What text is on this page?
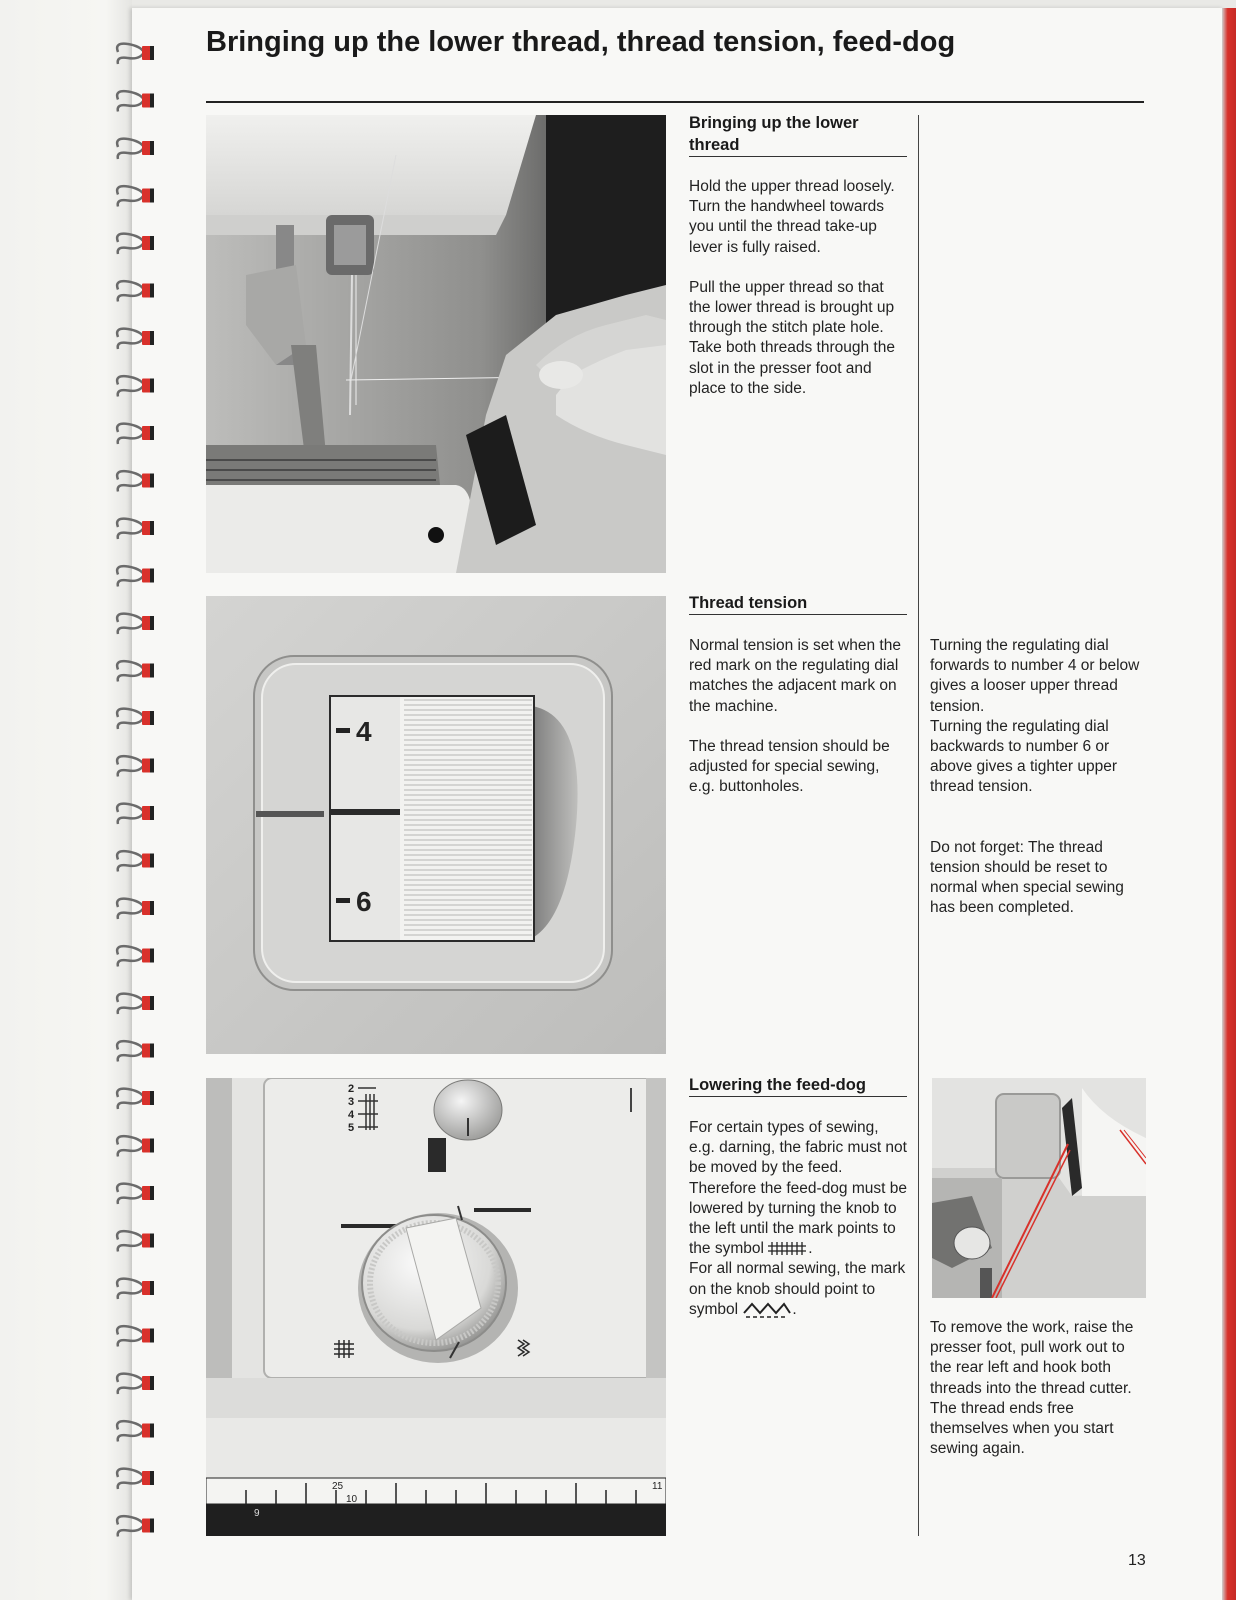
Bringing up the lower thread, thread tension, feed-dog
4
6
2
3
4
5
9
25
10
11
Bringing up the lower thread

Hold the upper thread loosely. Turn the handwheel towards you until the thread take-up lever is fully raised.

Pull the upper thread so that the lower thread is brought up through the stitch plate hole.
Take both threads through the slot in the presser foot and place to the side.

Thread tension

Normal tension is set when the red mark on the regulating dial matches the adjacent mark on the machine.

The thread tension should be adjusted for special sewing, e.g. buttonholes.

Turning the regulating dial forwards to number 4 or below gives a looser upper thread tension.
Turning the regulating dial backwards to number 6 or above gives a tighter upper thread tension.

Do not forget: The thread tension should be reset to normal when special sewing has been completed.

Lowering the feed-dog
For certain types of sewing, e.g. darning, the fabric must not be moved by the feed. Therefore the feed-dog must be lowered by turning the knob to the left until the mark points to the symbol	.
For all normal sewing, the mark on the knob should point to symbol	.

To remove the work, raise the presser foot, pull work out to the rear left and hook both threads into the thread cutter.
The thread ends free themselves when you start sewing again.

13
